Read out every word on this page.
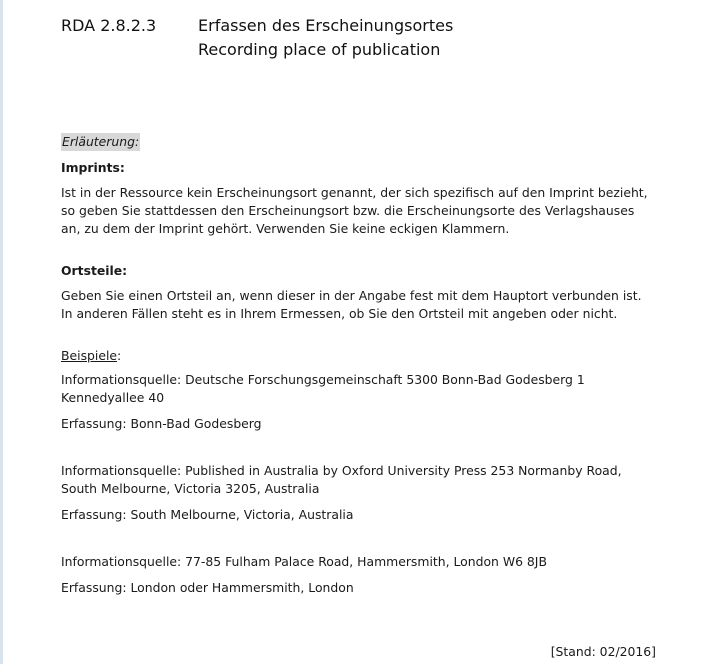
RDA 2.8.2.3	Erfassen des Erscheinungsortes
Recording place of publication
Erläuterung:

Imprints:

Ist in der Ressource kein Erscheinungsort genannt, der sich spezifisch auf den Imprint bezieht, so geben Sie stattdessen den Erscheinungsort bzw. die Erscheinungsorte des Verlagshauses an, zu dem der Imprint gehört. Verwenden Sie keine eckigen Klammern.

Ortsteile:

Geben Sie einen Ortsteil an, wenn dieser in der Angabe fest mit dem Hauptort verbunden ist. In anderen Fällen steht es in Ihrem Ermessen, ob Sie den Ortsteil mit angeben oder nicht.

Beispiele:

Informationsquelle: Deutsche Forschungsgemeinschaft 5300 Bonn-Bad Godesberg 1 Kennedyallee 40

Erfassung: Bonn-Bad Godesberg

Informationsquelle: Published in Australia by Oxford University Press 253 Normanby Road, South Melbourne, Victoria 3205, Australia

Erfassung: South Melbourne, Victoria, Australia

Informationsquelle: 77-85 Fulham Palace Road, Hammersmith, London W6 8JB

Erfassung: London oder Hammersmith, London

[Stand: 02/2016]
